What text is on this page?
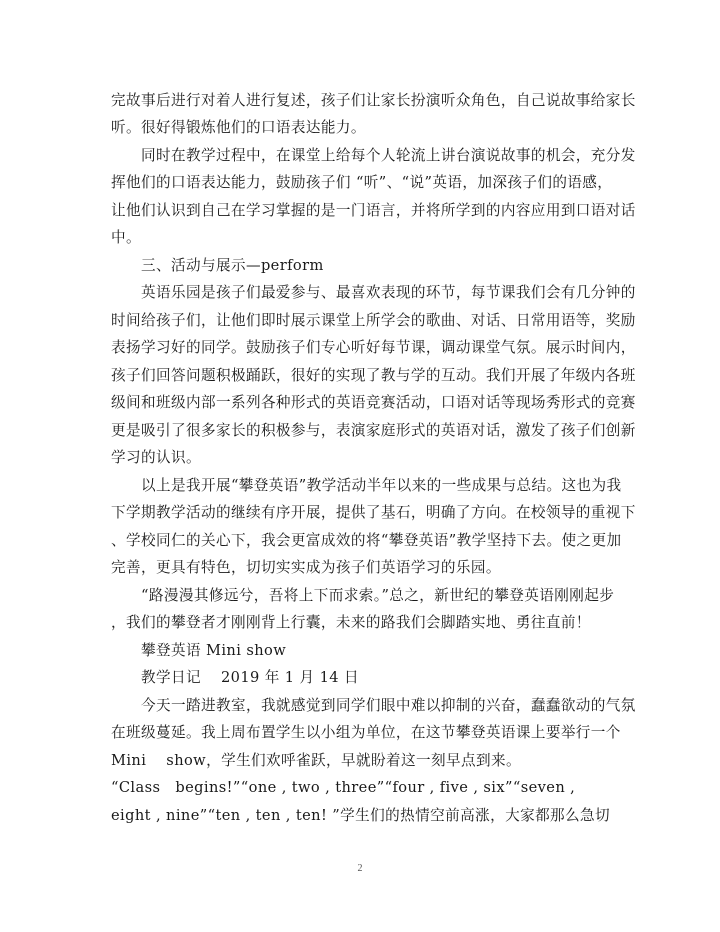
完故事后进行对着人进行复述，孩子们让家长扮演听众角色，自己说故事给家长
听。很好得锻炼他们的口语表达能力。
　　同时在教学过程中，在课堂上给每个人轮流上讲台演说故事的机会，充分发
挥他们的口语表达能力，鼓励孩子们 “听”、“说”英语，加深孩子们的语感，
让他们认识到自己在学习掌握的是一门语言，并将所学到的内容应用到口语对话
中。
　　三、活动与展示—perform
　　英语乐园是孩子们最爱参与、最喜欢表现的环节，每节课我们会有几分钟的
时间给孩子们，让他们即时展示课堂上所学会的歌曲、对话、日常用语等，奖励
表扬学习好的同学。鼓励孩子们专心听好每节课，调动课堂气氛。展示时间内，
孩子们回答问题积极踊跃，很好的实现了教与学的互动。我们开展了年级内各班
级间和班级内部一系列各种形式的英语竞赛活动，口语对话等现场秀形式的竞赛
更是吸引了很多家长的积极参与，表演家庭形式的英语对话，激发了孩子们创新
学习的认识。
　　以上是我开展“攀登英语”教学活动半年以来的一些成果与总结。这也为我
下学期教学活动的继续有序开展，提供了基石，明确了方向。在校领导的重视下
、学校同仁的关心下，我会更富成效的将“攀登英语”教学坚持下去。使之更加
完善，更具有特色，切切实实成为孩子们英语学习的乐园。
　　“路漫漫其修远兮，吾将上下而求索。”总之，新世纪的攀登英语刚刚起步
，我们的攀登者才刚刚背上行囊，未来的路我们会脚踏实地、勇往直前！
　　攀登英语 Mini show
　　教学日记　 2019 年 1 月 14 日
　　今天一踏进教室，我就感觉到同学们眼中难以抑制的兴奋，蠢蠢欲动的气氛
在班级蔓延。我上周布置学生以小组为单位，在这节攀登英语课上要举行一个
Mini　 show，学生们欢呼雀跃，早就盼着这一刻早点到来。
“Class　begins!”“one , two , three”“four , five , six”“seven ,
eight , nine”“ten , ten , ten! ”学生们的热情空前高涨，大家都那么急切
2
